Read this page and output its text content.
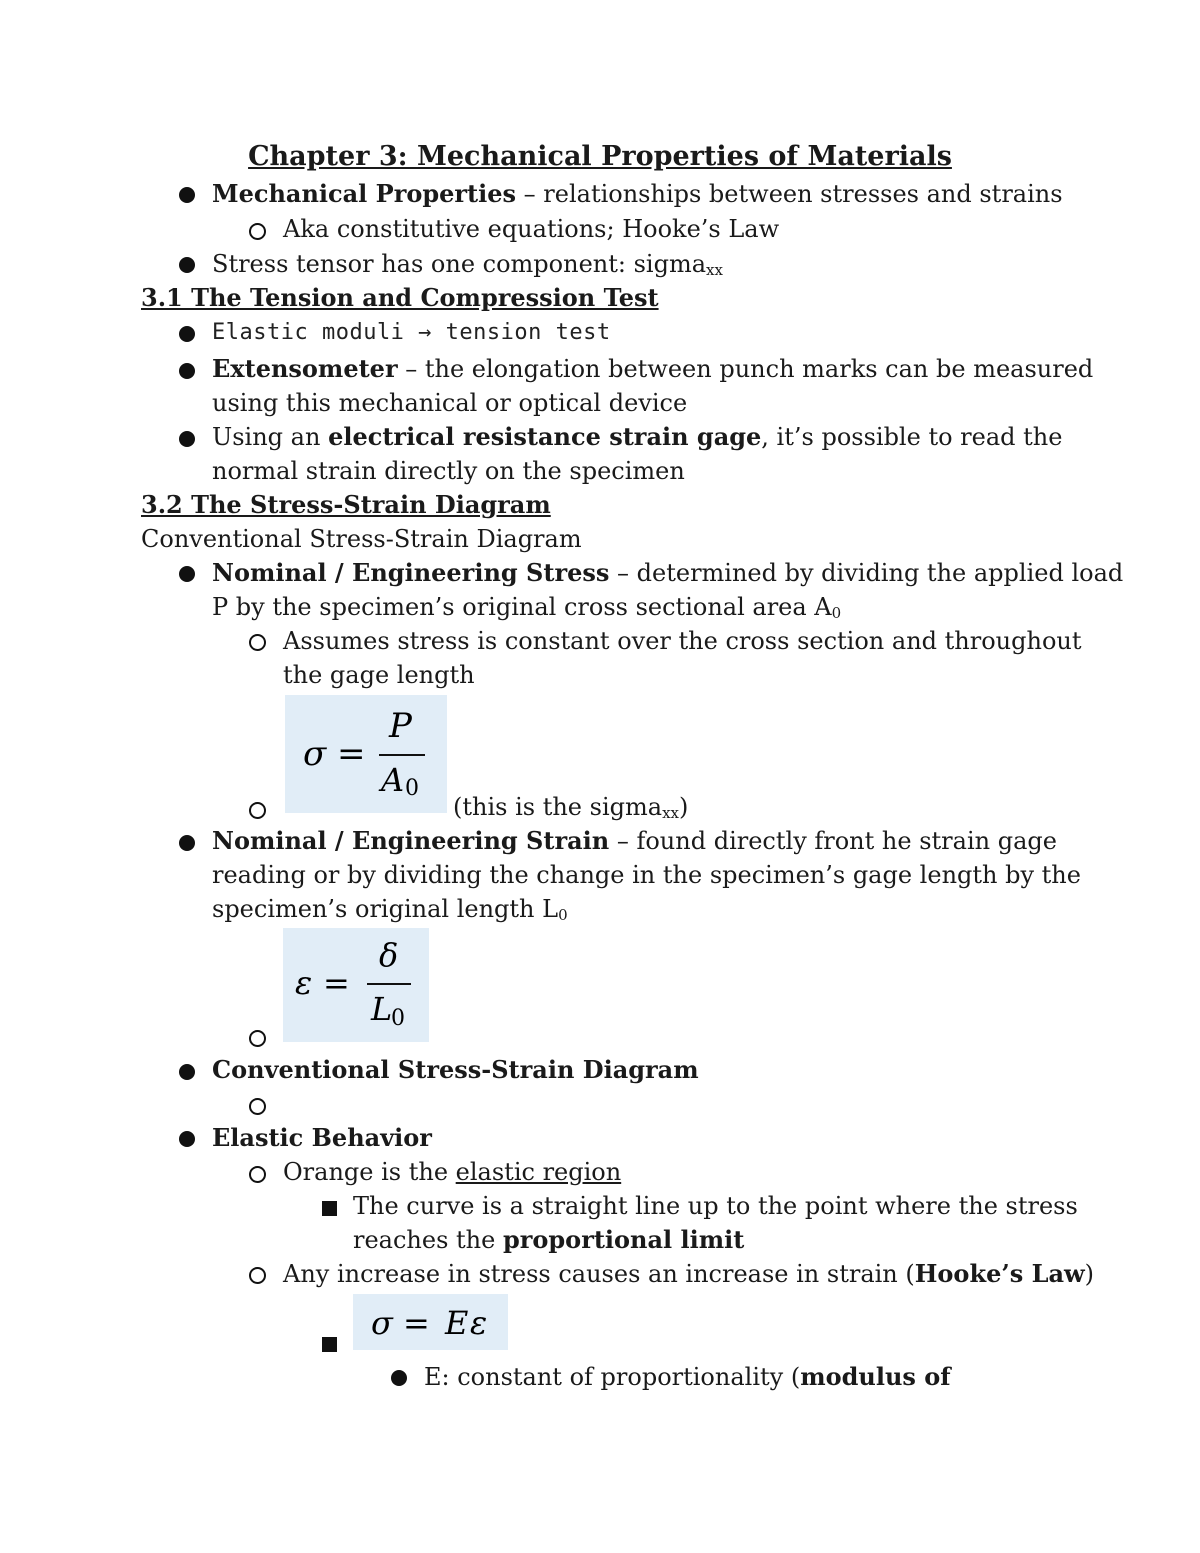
Chapter 3: Mechanical Properties of Materials
Mechanical Properties – relationships between stresses and strains
Aka constitutive equations; Hooke’s Law
Stress tensor has one component: sigma$_{xx}$
3.1 The Tension and Compression Test
Elastic moduli → tension test
Extensometer – the elongation between punch marks can be measured
using this mechanical or optical device
Using an electrical resistance strain gage, it’s possible to read the
normal strain directly on the specimen
3.2 The Stress-Strain Diagram
Conventional Stress-Strain Diagram
Nominal / Engineering Stress – determined by dividing the applied load
P by the specimen’s original cross sectional area $A_0$
Assumes stress is constant over the cross section and throughout
the gage length
σ =
P
A 0
(this is the sigma$_{xx}$)
Nominal / Engineering Strain – found directly front he strain gage
reading or by dividing the change in the specimen’s gage length by the
specimen’s original length $L_0$
ε =
δ
L
0
Conventional Stress-Strain Diagram
Elastic Behavior
Orange is the elastic region
The curve is a straight line up to the point where the stress
reaches the proportional limit
Any increase in stress causes an increase in strain (Hooke’s Law)
σ = E ε
E: constant of proportionality (modulus of
